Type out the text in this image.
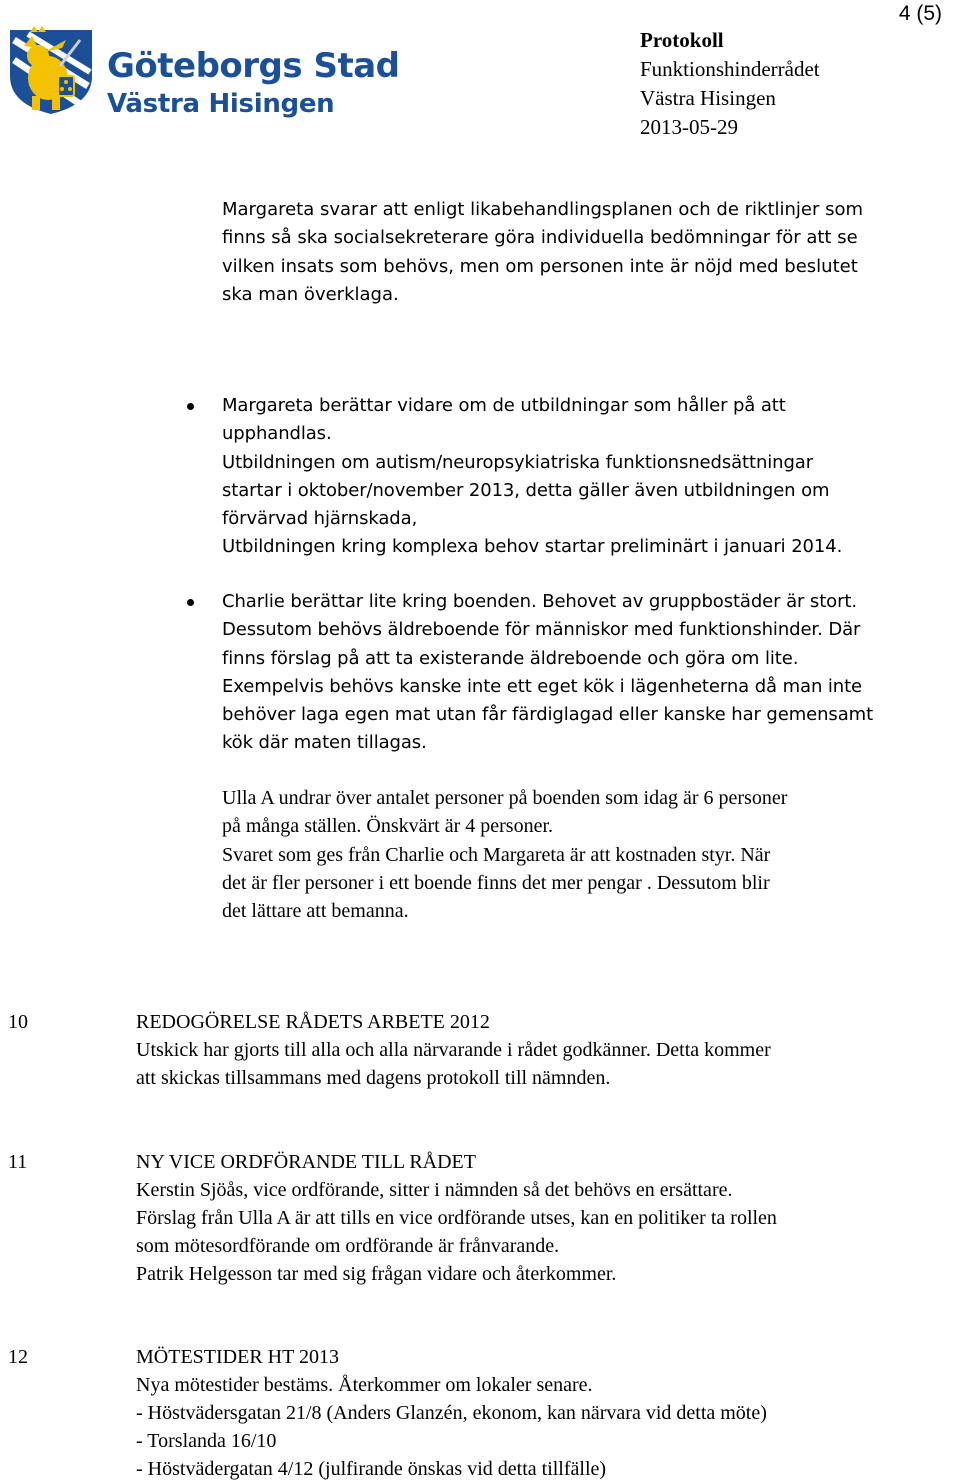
Göteborgs Stad
Västra Hisingen
4 (5)
Protokoll
Funktionshinderrådet
Västra Hisingen
2013-05-29
Margareta svarar att enligt likabehandlingsplanen och de riktlinjer som
finns så ska socialsekreterare göra individuella bedömningar för att se
vilken insats som behövs, men om personen inte är nöjd med beslutet
ska man överklaga.
Margareta berättar vidare om de utbildningar som håller på att
upphandlas.
Utbildningen om autism/neuropsykiatriska funktionsnedsättningar
startar i oktober/november 2013, detta gäller även utbildningen om
förvärvad hjärnskada,
Utbildningen kring komplexa behov startar preliminärt i januari 2014.
Charlie berättar lite kring boenden. Behovet av gruppbostäder är stort.
Dessutom behövs äldreboende för människor med funktionshinder. Där
finns förslag på att ta existerande äldreboende och göra om lite.
Exempelvis behövs kanske inte ett eget kök i lägenheterna då man inte
behöver laga egen mat utan får färdiglagad eller kanske har gemensamt
kök där maten tillagas.
Ulla A undrar över antalet personer på boenden som idag är 6 personer
på många ställen. Önskvärt är 4 personer.
Svaret som ges från Charlie och Margareta är att kostnaden styr. När
det är fler personer i ett boende finns det mer pengar . Dessutom blir
det lättare att bemanna.
10	REDOGÖRELSE RÅDETS ARBETE 2012
Utskick har gjorts till alla och alla närvarande i rådet godkänner. Detta kommer
att skickas tillsammans med dagens protokoll till nämnden.
11	NY VICE ORDFÖRANDE TILL RÅDET
Kerstin Sjöås, vice ordförande, sitter i nämnden så det behövs en ersättare.
Förslag från Ulla A är att tills en vice ordförande utses, kan en politiker ta rollen
som mötesordförande om ordförande är frånvarande.
Patrik Helgesson tar med sig frågan vidare och återkommer.
12	MÖTESTIDER HT 2013
Nya mötestider bestäms. Återkommer om lokaler senare.
- Höstvädersgatan 21/8 (Anders Glanzén, ekonom, kan närvara vid detta möte)
- Torslanda 16/10
- Höstvädergatan 4/12 (julfirande önskas vid detta tillfälle)
